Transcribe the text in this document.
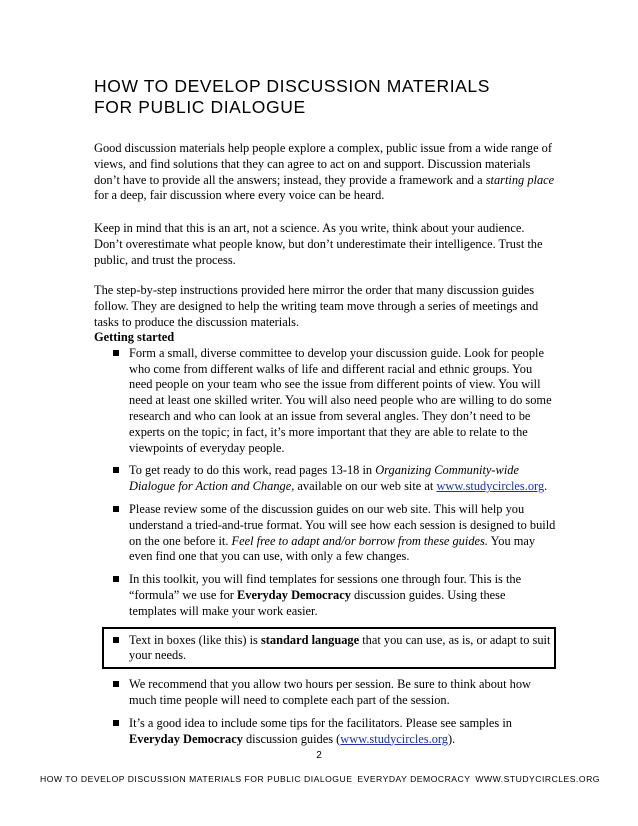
HOW TO DEVELOP DISCUSSION MATERIALS
FOR PUBLIC DIALOGUE

Good discussion materials help people explore a complex, public issue from a wide range of views, and find solutions that they can agree to act on and support. Discussion materials don’t have to provide all the answers; instead, they provide a framework and a starting place for a deep, fair discussion where every voice can be heard.

Keep in mind that this is an art, not a science. As you write, think about your audience. Don’t overestimate what people know, but don’t underestimate their intelligence. Trust the public, and trust the process.

The step-by-step instructions provided here mirror the order that many discussion guides follow. They are designed to help the writing team move through a series of meetings and tasks to produce the discussion materials.

Getting started
Form a small, diverse committee to develop your discussion guide. Look for people who come from different walks of life and different racial and ethnic groups. You need people on your team who see the issue from different points of view. You will need at least one skilled writer. You will also need people who are willing to do some research and who can look at an issue from several angles. They don’t need to be experts on the topic; in fact, it’s more important that they are able to relate to the viewpoints of everyday people.
To get ready to do this work, read pages 13-18 in Organizing Community-wide Dialogue for Action and Change, available on our web site at www.studycircles.org.
Please review some of the discussion guides on our web site. This will help you understand a tried-and-true format. You will see how each session is designed to build on the one before it. Feel free to adapt and/or borrow from these guides. You may even find one that you can use, with only a few changes.
In this toolkit, you will find templates for sessions one through four. This is the “formula” we use for Everyday Democracy discussion guides. Using these templates will make your work easier.
Text in boxes (like this) is standard language that you can use, as is, or adapt to suit your needs.
We recommend that you allow two hours per session. Be sure to think about how much time people will need to complete each part of the session.
It’s a good idea to include some tips for the facilitators. Please see samples in Everyday Democracy discussion guides (www.studycircles.org).
2
HOW TO DEVELOP DISCUSSION MATERIALS FOR PUBLIC DIALOGUE EVERYDAY DEMOCRACY WWW.STUDYCIRCLES.ORG
